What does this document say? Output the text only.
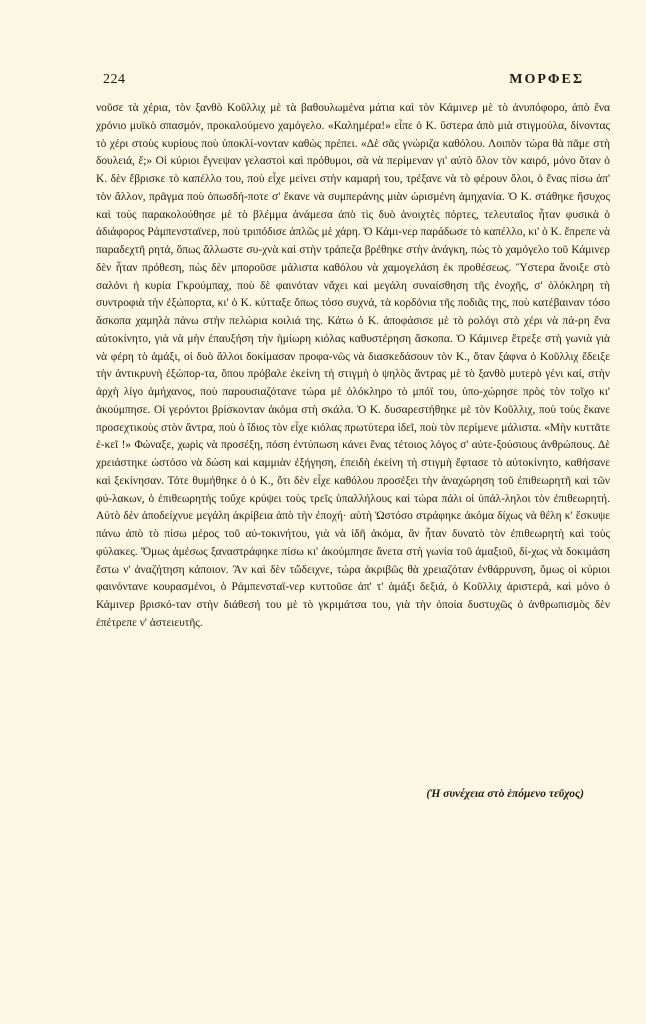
224	ΜΟΡΦΕΣ

νοῦσε τὰ χέρια, τὸν ξανθὸ Κοῦλλιχ μὲ τὰ βαθουλωμένα μάτια καὶ τὸν Κάμινερ μὲ τὸ ἀνυπόφορο, ἀπὸ ἕνα χρόνιο μυϊκὸ σπασμόν, προκαλούμενο χαμόγελο. «Καλημέρα!» εἶπε ὁ Κ. ὕστερα ἀπὸ μιὰ στιγμούλα, δίνοντας τὸ χέρι στοὺς κυρίους ποὺ ὑποκλί-νονταν καθὼς πρέπει. «Δὲ σᾶς γνώριζα καθόλου. Λοιπὸν τώρα θὰ πᾶμε στὴ δουλειά, ἔ;» Οἱ κύριοι ἔγνεψαν γελαστοὶ καὶ πρόθυμοι, σὰ νὰ περίμεναν γι' αὐτὸ ὅλον τὸν καιρό, μόνο ὅταν ὁ Κ. δὲν ἔβρισκε τὸ καπέλλο του, ποὺ εἶχε μείνει στὴν καμαρή του, τρέξανε νὰ τὸ φέρουν ὅλοι, ὁ ἕνας πίσω ἀπ' τὸν ἄλλον, πρᾶγμα ποὺ ὁπωσδή-ποτε σ' ἔκανε νὰ συμπεράνης μιὰν ὡρισμένη ἀμηχανία. Ὁ Κ. στάθηκε ἥσυχος καὶ τοὺς παρακολούθησε μὲ τὸ βλέμμα ἀνάμεσα ἀπὸ τὶς δυὸ ἀνοιχτὲς πόρτες, τελευταῖος ἦταν φυσικὰ ὁ ἀδιάφορος Ράμπενσταϊνερ, ποὺ τριπόδισε ἁπλῶς μὲ χάρη. Ὁ Κάμι-νερ παράδωσε τὸ καπέλλο, κι' ὁ Κ. ἔπρεπε νὰ παραδεχτῆ ρητά, ὅπως ἄλλωστε συ-χνὰ καὶ στὴν τράπεζα βρέθηκε στὴν ἀνάγκη, πὼς τὸ χαμόγελο τοῦ Κάμινερ δὲν ἦταν πρόθεση, πὼς δὲν μποροῦσε μάλιστα καθόλου νὰ χαμογελάση ἐκ προθέσεως. Ὕστερα ἄνοιξε στὸ σαλόνι ἡ κυρία Γκρούμπαχ, ποὺ δὲ φαινόταν νἄχει καὶ μεγάλη συναίσθηση τῆς ἐνοχῆς, σ' ὁλόκληρη τὴ συντροφιὰ τὴν ἐξώπορτα, κι' ὁ Κ. κύτταξε ὅπως τόσο συχνά, τὰ κορδόνια τῆς ποδιᾶς της, ποὺ κατέβαιναν τόσο ἄσκοπα χαμηλὰ πάνω στὴν πελώρια κοιλιά της. Κάτω ὁ Κ. ἀποφάσισε μὲ τὸ ρολόγι στὸ χέρι νὰ πά-ρη ἕνα αὐτοκίνητο, γιὰ νὰ μὴν ἐπαυξήση τὴν ἡμίωρη κιόλας καθυστέρηση ἄσκοπα. Ὁ Κάμινερ ἔτρεξε στὴ γωνιὰ γιὰ νὰ φέρη τὸ ἁμάξι, οἱ δυὸ ἄλλοι δοκίμασαν προφα-νῶς νὰ διασκεδάσουν τὸν Κ., ὅταν ξάφνα ὁ Κοῦλλιχ ἔδειξε τὴν ἀντικρυνὴ ἐξώπορ-τα, ὅπου πρόβαλε ἐκείνη τὴ στιγμὴ ὁ ψηλὸς ἄντρας μὲ τὸ ξανθὸ μυτερὸ γένι καί, στὴν ἀρχὴ λίγο ἀμήχανος, ποὺ παρουσιαζότανε τώρα μὲ ὁλόκληρο τὸ μπόϊ του, ὑπο-χώρησε πρὸς τὸν τοῖχο κι' ἀκούμπησε. Οἱ γερόντοι βρίσκονταν ἀκόμα στὴ σκάλα. Ὁ Κ. δυσαρεστήθηκε μὲ τὸν Κοῦλλιχ, ποὺ τοὺς ἔκανε προσεχτικοὺς στὸν ἄντρα, ποὺ ὁ ἴδιος τὸν εἶχε κιόλας πρωτύτερα ἰδεῖ, ποὺ τὸν περίμενε μάλιστα. «Μὴν κυττᾶτε ἐ-κεῖ !» Φώναξε, χωρὶς νὰ προσέξη, πόση ἐντύπωση κάνει ἕνας τέτοιος λόγος σ' αὐτε-ξούσιους ἀνθρώπους. Δὲ χρειάστηκε ὡστόσο νὰ δώση καὶ καμμιὰν ἐξήγηση, ἐπειδὴ ἐκείνη τὴ στιγμὴ ἔφτασε τὸ αὐτοκίνητο, καθήσανε καὶ ξεκίνησαν. Τότε θυμήθηκε ὁ ὁ Κ., ὅτι δὲν εἶχε καθόλου προσέξει τὴν ἀναχώρηση τοῦ ἐπιθεωρητῆ καὶ τῶν φύ-λακων, ὁ ἐπιθεωρητὴς τοὔχε κρύψει τοὺς τρεῖς ὑπαλλήλους καὶ τώρα πάλι οἱ ὑπάλ-ληλοι τὸν ἐπιθεωρητή. Αὐτὸ δὲν ἀποδείχνυε μεγάλη ἀκρίβεια ἀπὸ τὴν ἐποχή· αὐτὴ Ὡστόσο στράφηκε ἀκόμα δίχως νὰ θέλη κ' ἔσκυψε πάνω ἀπὸ τὸ πίσω μέρος τοῦ αὐ-τοκινήτου, γιὰ νὰ ἰδῆ ἀκόμα, ἂν ἦταν δυνατὸ τὸν ἐπιθεωρητὴ καὶ τοὺς φύλακες. Ὅμως ἀμέσως ξαναστράφηκε πίσω κι' ἀκούμπησε ἄνετα στὴ γωνία τοῦ ἁμαξιοῦ, δί-χως νὰ δοκιμάση ἔστω ν' ἀναζήτηση κάποιον. Ἂν καὶ δὲν τὤδειχνε, τώρα ἀκριβῶς θὰ χρειαζόταν ἐνθάρρυνση, ὅμως οἱ κύριοι φαινόντανε κουρασμένοι, ὁ Ράμπενσταϊ-νερ κυττοῦσε ἀπ' τ' ἁμάξι δεξιά, ὁ Κοῦλλιχ ἀριστερά, καὶ μόνο ὁ Κάμινερ βρισκό-ταν στὴν διάθεσή του μὲ τὸ γκριμάτσα του, γιὰ τὴν ὁποία δυστυχῶς ὁ ἀνθρωπισμὸς δὲν ἐπέτρεπε ν' ἀστειευτῆς.

(Ἡ συνέχεια στὸ ἑπόμενο τεῦχος)
